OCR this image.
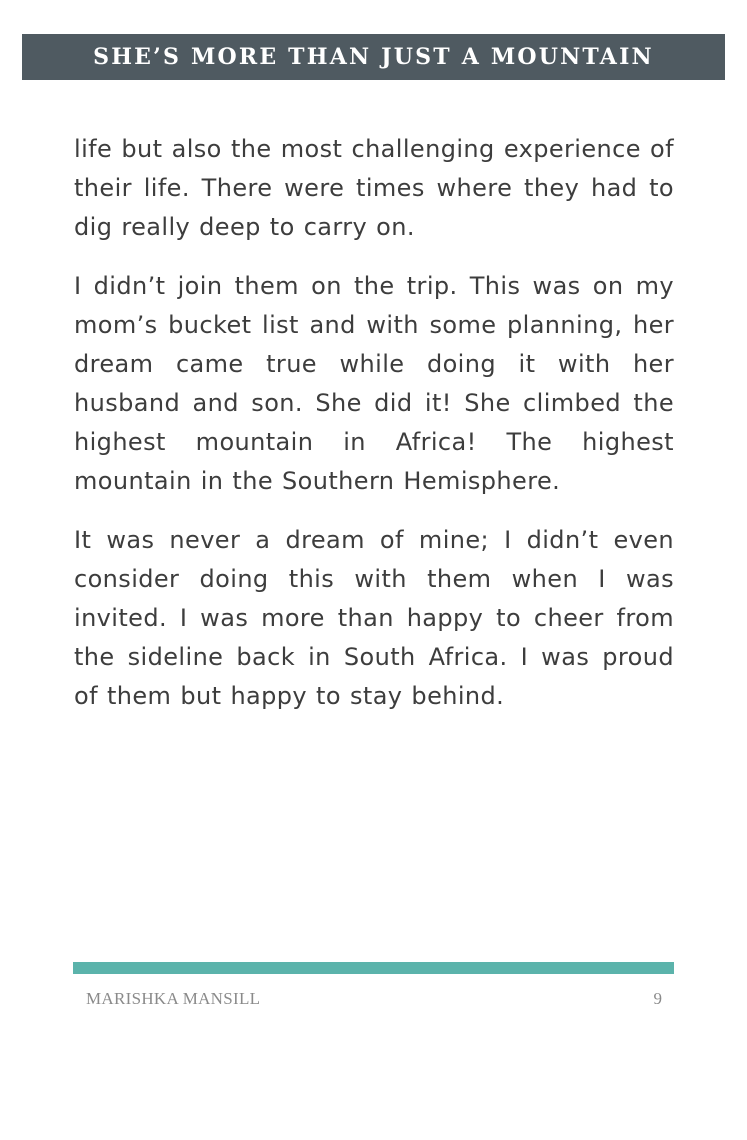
SHE’S MORE THAN JUST A MOUNTAIN

life but also the most challenging experience of their life. There were times where they had to dig really deep to carry on.

I didn’t join them on the trip. This was on my mom’s bucket list and with some planning, her dream came true while doing it with her husband and son. She did it! She climbed the highest mountain in Africa! The highest mountain in the Southern Hemisphere.

It was never a dream of mine; I didn’t even consider doing this with them when I was invited. I was more than happy to cheer from the sideline back in South Africa. I was proud of them but happy to stay behind.

MARISHKA MANSILL	9
